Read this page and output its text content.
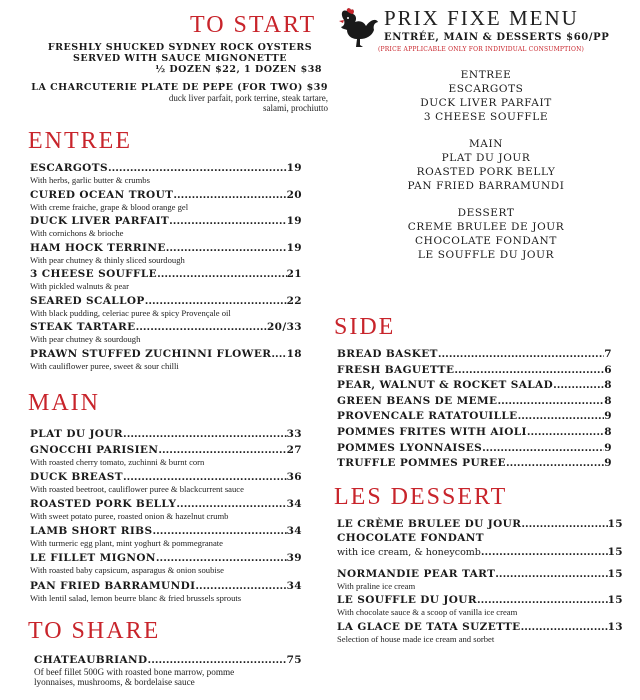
TO START
FRESHLY SHUCKED SYDNEY ROCK OYSTERS
SERVED WITH SAUCE MIGNONETTE
½ DOZEN $22, 1 DOZEN $38
LA CHARCUTERIE PLATE DE PEPE (FOR TWO) $39
duck liver parfait, pork terrine, steak tartare,
salami, prochiutto
ENTREE
ESCARGOTS .....	19
With herbs, garlic butter & crumbs
CURED OCEAN TROUT .....	20
With creme fraiche, grape & blood orange gel
DUCK LIVER PARFAIT .....	19
With cornichons & brioche
HAM HOCK TERRINE .....	19
With pear chutney & thinly sliced sourdough
3 CHEESE SOUFFLE .....	21
With pickled walnuts & pear
SEARED SCALLOP .....	22
With black pudding, celeriac puree & spicy Provençale oil
STEAK TARTARE .....	20/33
With pear chutney & sourdough
PRAWN STUFFED ZUCHINNI FLOWER ..... 18
With cauliflower puree, sweet & sour chilli
MAIN
PLAT DU JOUR .....	33
GNOCCHI PARISIEN .....	27
With roasted cherry tomato, zuchinni & burnt corn
DUCK BREAST .....	36
With roasted beetroot, cauliflower puree & blackcurrent sauce
ROASTED PORK BELLY .....	34
With sweet potato puree, roasted onion & hazelnut crumb
LAMB SHORT RIBS .....	34
With turmeric egg plant, mint yoghurt & pommegranate
LE FILLET MIGNON .....	39
With roasted baby capsicum, asparagus & onion soubise
PAN FRIED BARRAMUNDI .....	34
With lentil salad, lemon beurre blanc & fried brussels sprouts
TO SHARE
CHATEAUBRIAND .....	75
Of beef fillet 500G with roasted bone marrow, pomme
lyonnaises, mushrooms, & bordelaise sauce
PRIX FIXE MENU
ENTRÉE, MAIN & DESSERTS $60/PP
(PRICE APPLICABLE ONLY FOR INDIVIDUAL CONSUMPTION)
ENTREE
ESCARGOTS
DUCK LIVER PARFAIT
3 CHEESE SOUFFLE
MAIN
PLAT DU JOUR
ROASTED PORK BELLY
PAN FRIED BARRAMUNDI
DESSERT
CREME BRULEE DE JOUR
CHOCOLATE FONDANT
LE SOUFFLE DU JOUR
SIDE
BREAD BASKET .....	7
FRESH BAGUETTE .....	6
PEAR, WALNUT & ROCKET SALAD .....	8
GREEN BEANS DE MEME .....	8
PROVENCALE RATATOUILLE .....	9
POMMES FRITES WITH AIOLI .....	8
POMMES LYONNAISES .....	9
TRUFFLE POMMES PUREE .....	9
LES DESSERT
LE CRÈME BRULEE DU JOUR .....	15
CHOCOLATE FONDANT
with ice cream, & honeycomb .....	15
NORMANDIE PEAR TART .....	15
With praline ice cream
LE SOUFFLE DU JOUR .....	15
With chocolate sauce & a scoop of vanilla ice cream
LA GLACE DE TATA SUZETTE .....	13
Selection of house made ice cream and sorbet
